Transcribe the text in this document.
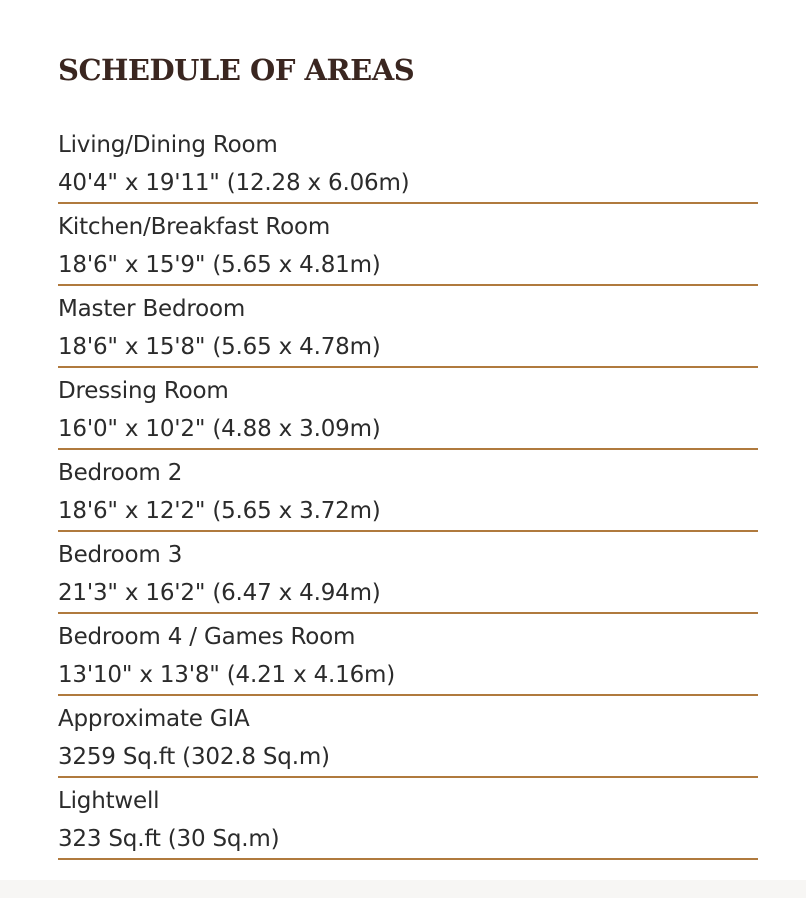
SCHEDULE OF AREAS
Living/Dining Room
40'4" x 19'11" (12.28 x 6.06m)
Kitchen/Breakfast Room
18'6" x 15'9" (5.65 x 4.81m)
Master Bedroom
18'6" x 15'8" (5.65 x 4.78m)
Dressing Room
16'0" x 10'2" (4.88 x 3.09m)
Bedroom 2
18'6" x 12'2" (5.65 x 3.72m)
Bedroom 3
21'3" x 16'2" (6.47 x 4.94m)
Bedroom 4 / Games Room
13'10" x 13'8" (4.21 x 4.16m)
Approximate GIA
3259 Sq.ft (302.8 Sq.m)
Lightwell
323 Sq.ft (30 Sq.m)
